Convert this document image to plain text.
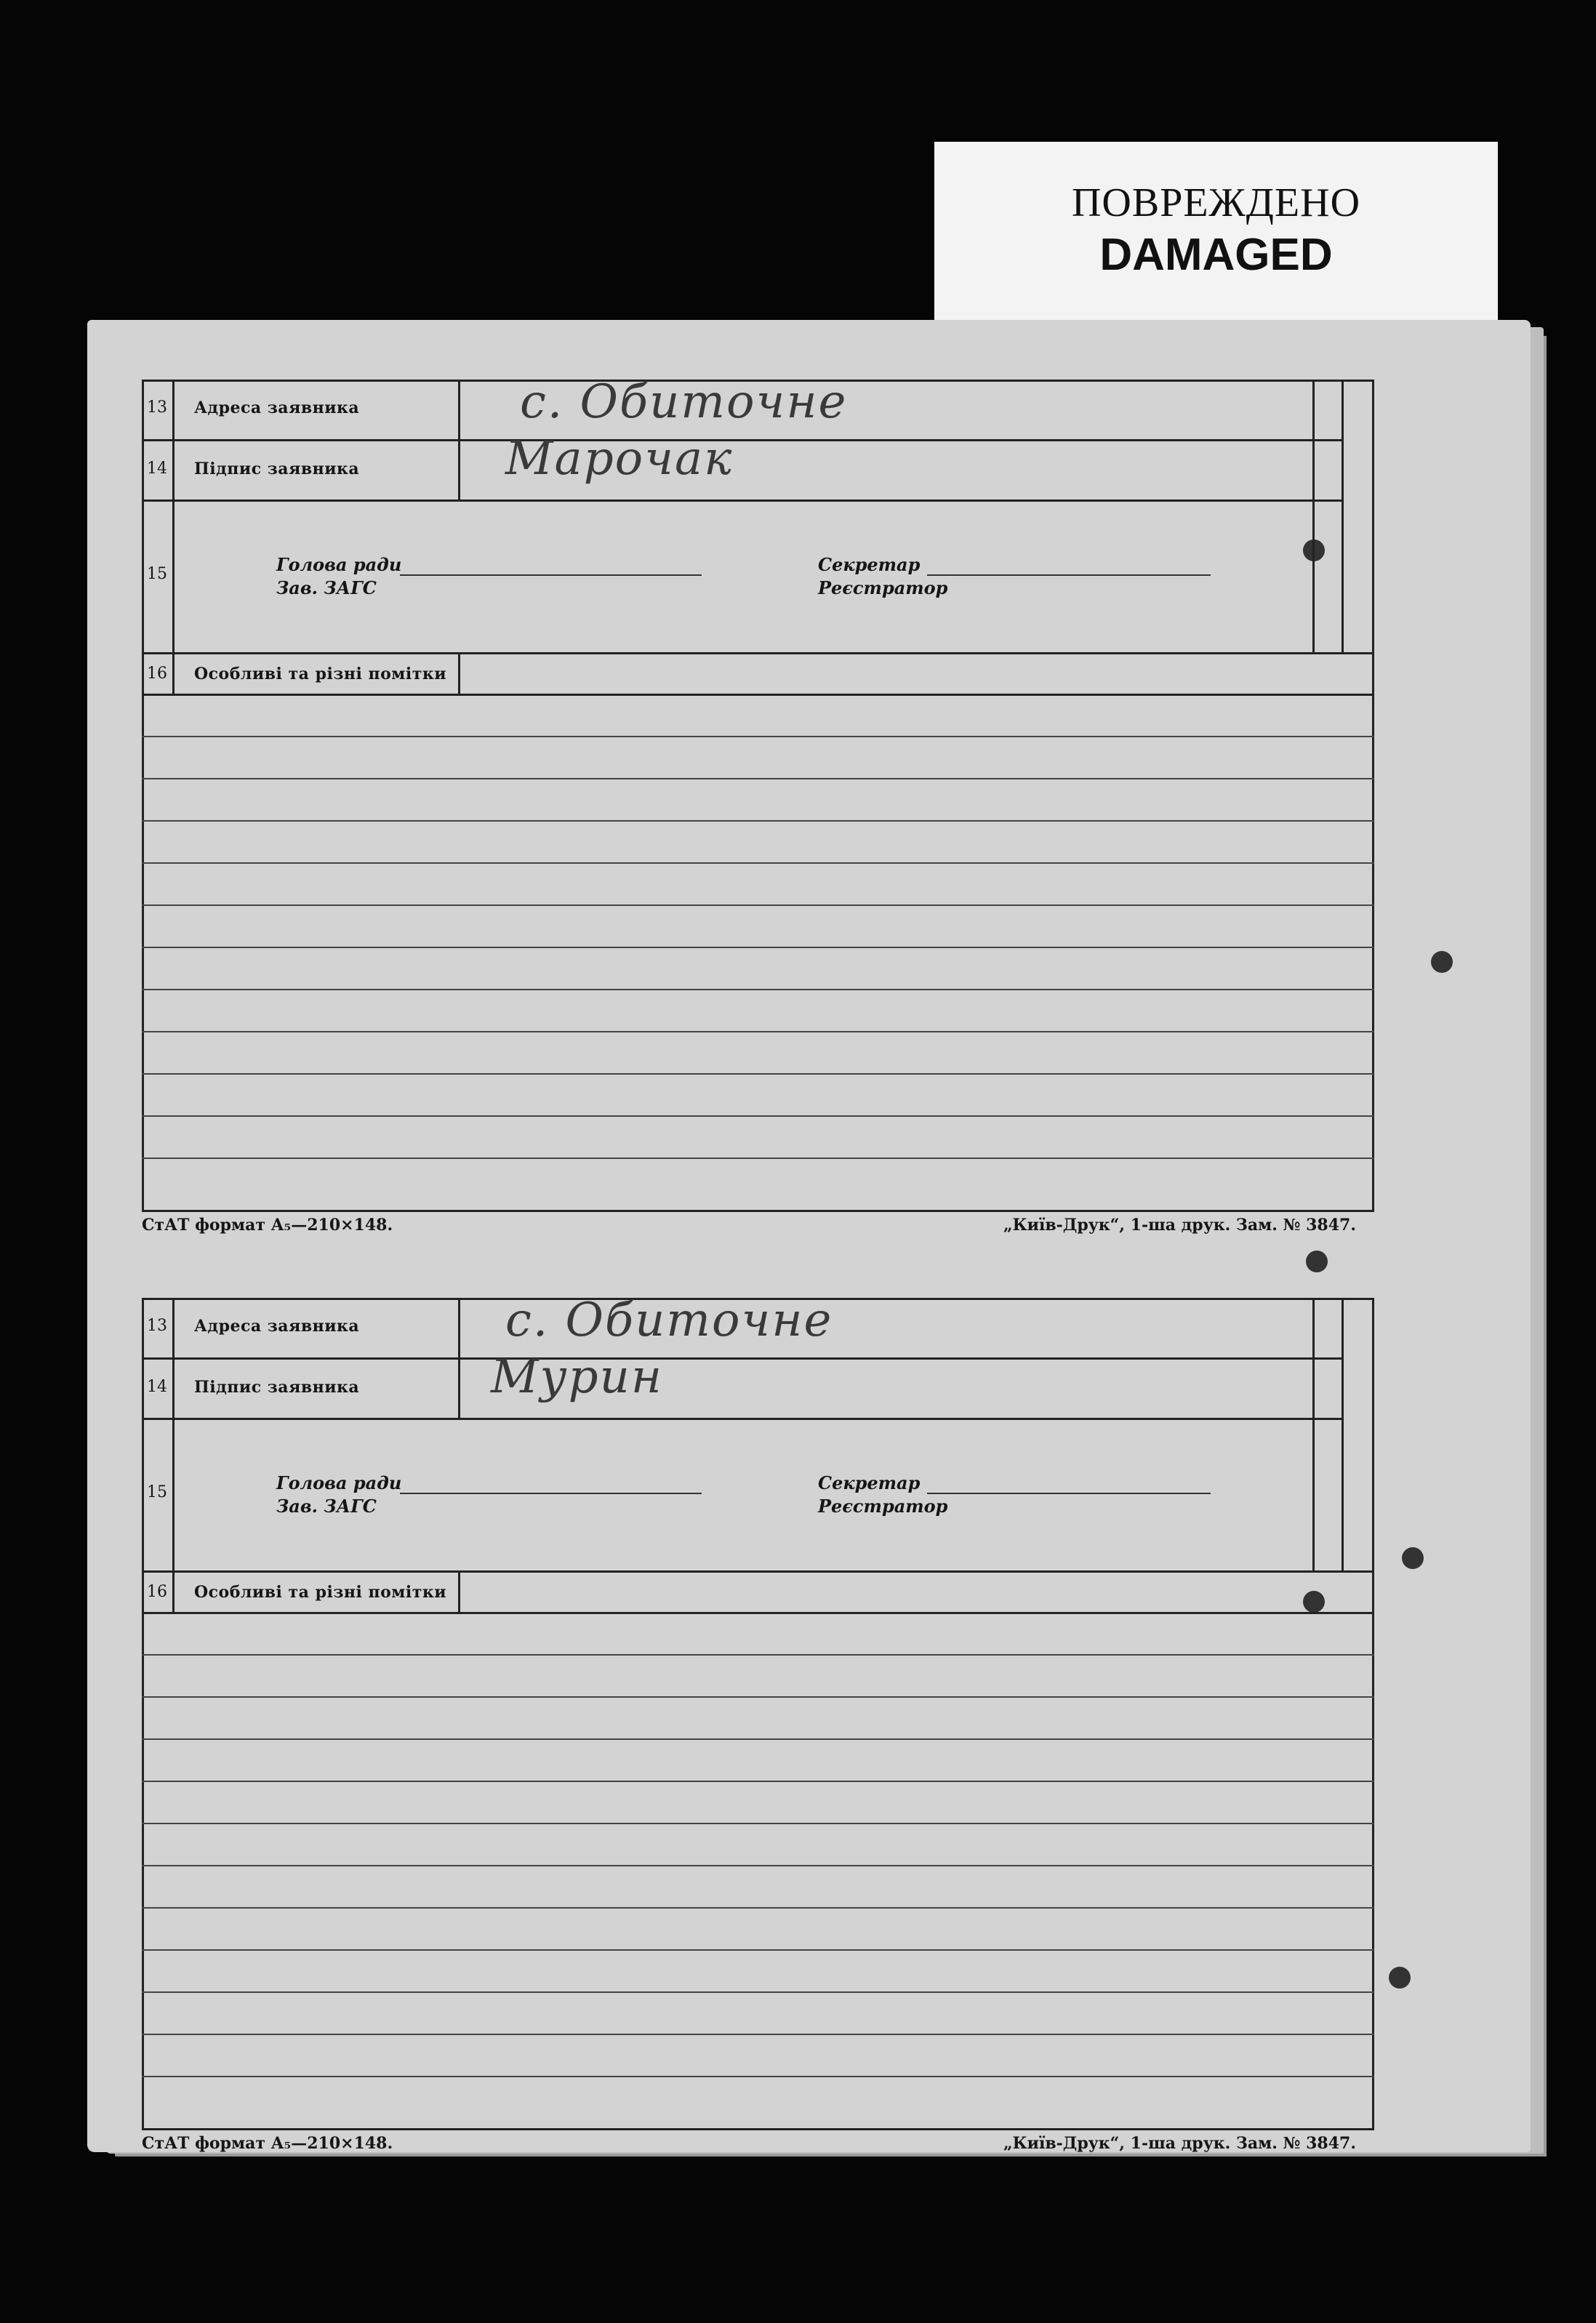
ПОВРЕЖДЕНО
DAMAGED
13	Адреса заявника	с. Обиточне
14	Підпис заявника	Марочак
15	Голова ради
Зав. ЗАГС
Секретар
Реєстратор
16	Особливі та різні помітки
СтАТ формат А₅—210×148.	„Київ-Друк“, 1-ша друк. Зам. № 3847.
13	Адреса заявника	с. Обиточне
14	Підпис заявника	Мурин
15	Голова ради
Зав. ЗАГС
Секретар
Реєстратор
16	Особливі та різні помітки
СтАТ формат А₅—210×148.	„Київ-Друк“, 1-ша друк. Зам. № 3847.
